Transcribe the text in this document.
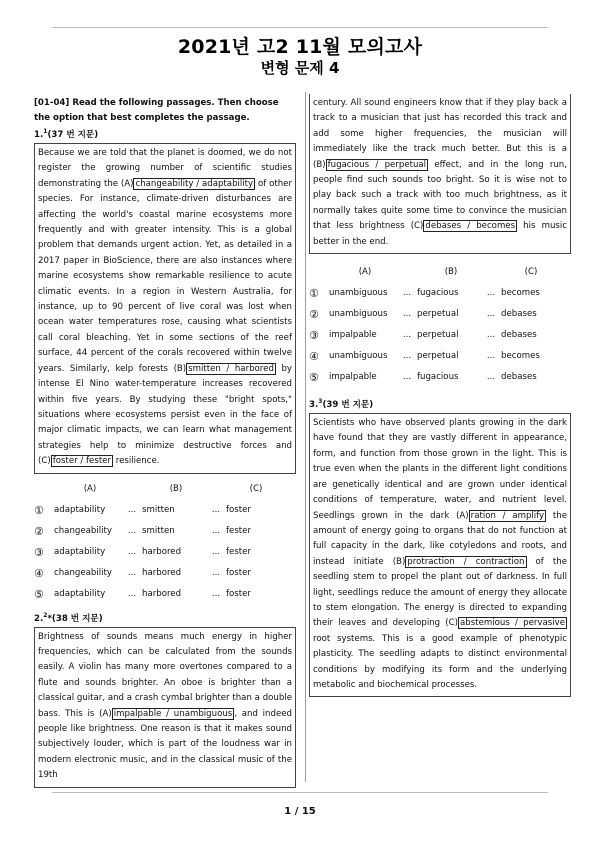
2021년 고2 11월 모의고사
변형 문제 4
[01-04] Read the following passages. Then choose the option that best completes the passage.
1.$^1$(37 번 지문)
Because we are told that the planet is doomed, we do not register the growing number of scientific studies demonstrating the (A) changeability / adaptability of other species. For instance, climate-driven disturbances are affecting the world's coastal marine ecosystems more frequently and with greater intensity. This is a global problem that demands urgent action. Yet, as detailed in a 2017 paper in BioScience, there are also instances where marine ecosystems show remarkable resilience to acute climatic events. In a region in Western Australia, for instance, up to 90 percent of live coral was lost when ocean water temperatures rose, causing what scientists call coral bleaching. Yet in some sections of the reef surface, 44 percent of the corals recovered within twelve years. Similarly, kelp forests (B) smitten / harbored by intense El Nino water-temperature increases recovered within five years. By studying these "bright spots," situations where ecosystems persist even in the face of major climatic impacts, we can learn what management strategies help to minimize destructive forces and (C) foster / fester resilience.
(A)	(B)	(C)
①	adaptability	... smitten	... foster
②	changeability	... smitten	... fester
③	adaptability	... harbored	... fester
④	changeability	... harbored	... foster
⑤	adaptability	... harbored	... foster
2.$^2$*(38 번 지문)
Brightness of sounds means much energy in higher frequencies, which can be calculated from the sounds easily. A violin has many more overtones compared to a flute and sounds brighter. An oboe is brighter than a classical guitar, and a crash cymbal brighter than a double bass. This is (A) impalpable / unambiguous , and indeed people like brightness. One reason is that it makes sound subjectively louder, which is part of the loudness war in modern electronic music, and in the classical music of the 19th
century. All sound engineers know that if they play back a track to a musician that just has recorded this track and add some higher frequencies, the musician will immediately like the track much better. But this is a (B) fugacious / perpetual effect, and in the long run, people find such sounds too bright. So it is wise not to play back such a track with too much brightness, as it normally takes quite some time to convince the musician that less brightness (C) debases / becomes his music better in the end.
(A)	(B)	(C)
①	unambiguous	... fugacious	... becomes
②	unambiguous	... perpetual	... debases
③	impalpable	... perpetual	... debases
④	unambiguous	... perpetual	... becomes
⑤	impalpable	... fugacious	... debases
3.$^3$(39 번 지문)
Scientists who have observed plants growing in the dark have found that they are vastly different in appearance, form, and function from those grown in the light. This is true even when the plants in the different light conditions are genetically identical and are grown under identical conditions of temperature, water, and nutrient level. Seedlings grown in the dark (A) ration / amplify the amount of energy going to organs that do not function at full capacity in the dark, like cotyledons and roots, and instead initiate (B) protraction / contraction of the seedling stem to propel the plant out of darkness. In full light, seedlings reduce the amount of energy they allocate to stem elongation. The energy is directed to expanding their leaves and developing (C) abstemious / pervasive root systems. This is a good example of phenotypic plasticity. The seedling adapts to distinct environmental conditions by modifying its form and the underlying metabolic and biochemical processes.
1 / 15
